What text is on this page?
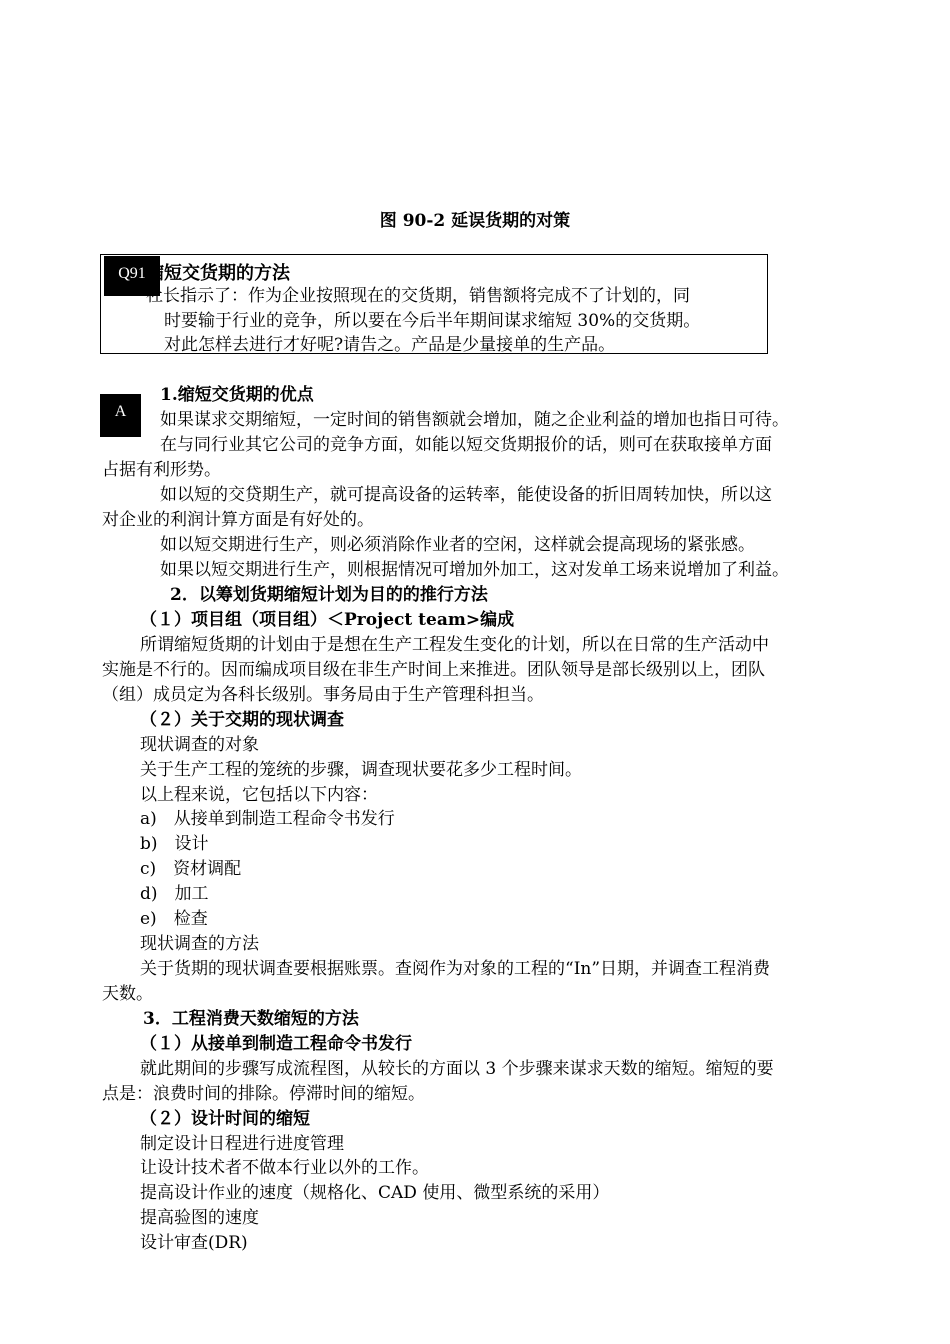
图 90-2 延误货期的对策
Q91 缩短交货期的方法
社长指示了：作为企业按照现在的交货期，销售额将完成不了计划的，同
时要输于行业的竞争，所以要在今后半年期间谋求缩短 30%的交货期。
对此怎样去进行才好呢?请告之。产品是少量接单的生产品。
A
1.缩短交货期的优点
如果谋求交期缩短，一定时间的销售额就会增加，随之企业利益的增加也指日可待。
在与同行业其它公司的竞争方面，如能以短交货期报价的话，则可在获取接单方面
占据有利形势。
如以短的交贷期生产，就可提高设备的运转率，能使设备的折旧周转加快，所以这
对企业的利润计算方面是有好处的。
如以短交期进行生产，则必须消除作业者的空闲，这样就会提高现场的紧张感。
如果以短交期进行生产，则根据情况可增加外加工，这对发单工场来说增加了利益。
2．以筹划货期缩短计划为目的的推行方法
（１）项目组（项目组）＜Project team>编成
所谓缩短货期的计划由于是想在生产工程发生变化的计划，所以在日常的生产活动中
实施是不行的。因而编成项目级在非生产时间上来推进。团队领导是部长级别以上，团队
（组）成员定为各科长级别。事务局由于生产管理科担当。
（２）关于交期的现状调查
现状调查的对象
关于生产工程的笼统的步骤，调查现状要花多少工程时间。
以上程来说，它包括以下内容：
a)　从接单到制造工程命令书发行
b)　设计
c)　资材调配
d)　加工
e)　检查
现状调查的方法
关于货期的现状调查要根据账票。查阅作为对象的工程的“In”日期，并调查工程消费
天数。
3．工程消费天数缩短的方法
（１）从接单到制造工程命令书发行
就此期间的步骤写成流程图，从较长的方面以 3 个步骤来谋求天数的缩短。缩短的要
点是：浪费时间的排除。停滞时间的缩短。
（２）设计时间的缩短
制定设计日程进行进度管理
让设计技术者不做本行业以外的工作。
提高设计作业的速度（规格化、CAD 使用、微型系统的采用）
提高验图的速度
设计审查(DR)
